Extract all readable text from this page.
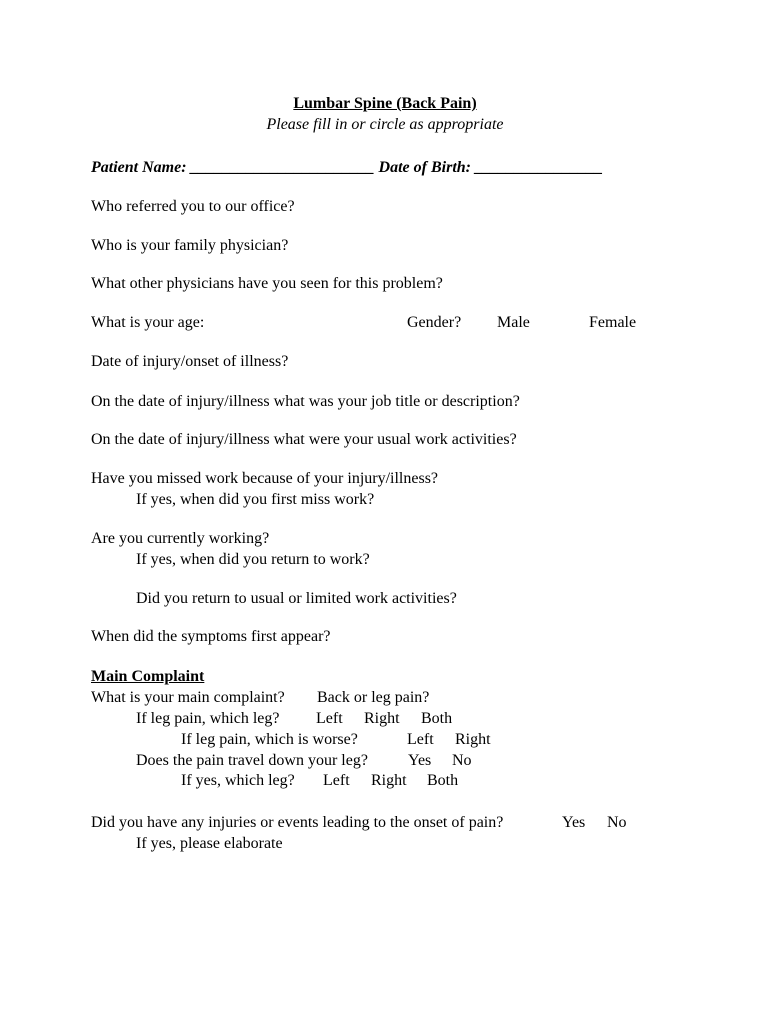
Lumbar Spine (Back Pain)
Please fill in or circle as appropriate
Patient Name: _______________________ Date of Birth: ________________
Who referred you to our office?
Who is your family physician?
What other physicians have you seen for this problem?
What is your age:	Gender? Male	Female
Date of injury/onset of illness?
On the date of injury/illness what was your job title or description?
On the date of injury/illness what were your usual work activities?
Have you missed work because of your injury/illness?
If yes, when did you first miss work?
Are you currently working?
If yes, when did you return to work?
Did you return to usual or limited work activities?
When did the symptoms first appear?
Main Complaint
What is your main complaint? Back or leg pain?
If leg pain, which leg? Left Right Both
If leg pain, which is worse?	Left Right
Does the pain travel down your leg?	Yes No
If yes, which leg? Left Right Both
Did you have any injuries or events leading to the onset of pain?	Yes No
If yes, please elaborate
